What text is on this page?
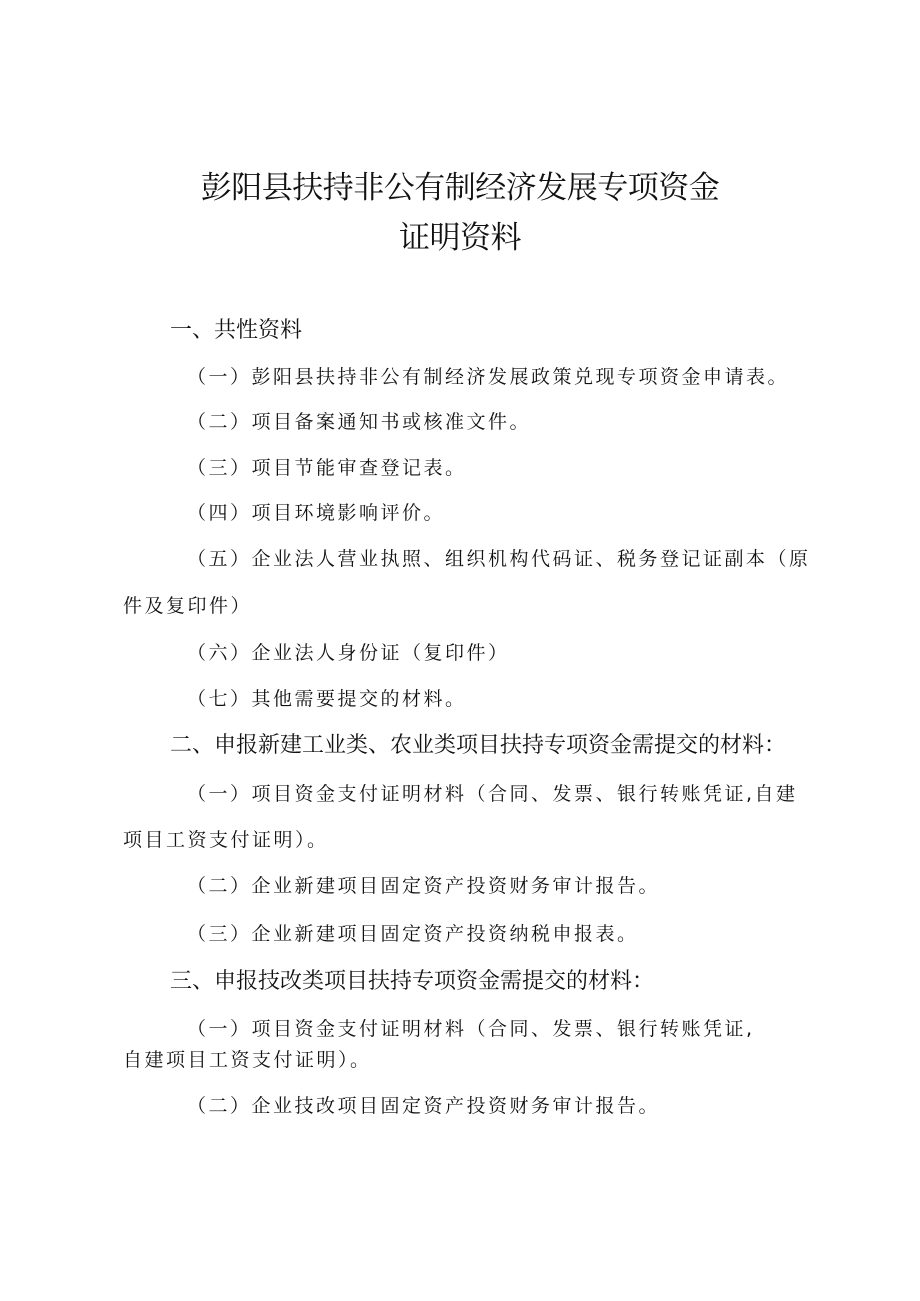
彭阳县扶持非公有制经济发展专项资金
证明资料
一、共性资料

（一）彭阳县扶持非公有制经济发展政策兑现专项资金申请表。

（二）项目备案通知书或核准文件。

（三）项目节能审查登记表。

（四）项目环境影响评价。

（五）企业法人营业执照、组织机构代码证、税务登记证副本（原

件及复印件）

（六）企业法人身份证（复印件）

（七）其他需要提交的材料。

二、申报新建工业类、农业类项目扶持专项资金需提交的材料：

（一）项目资金支付证明材料（合同、发票、银行转账凭证,自建

项目工资支付证明）。

（二）企业新建项目固定资产投资财务审计报告。

（三）企业新建项目固定资产投资纳税申报表。

三、申报技改类项目扶持专项资金需提交的材料：

（一）项目资金支付证明材料（合同、发票、银行转账凭证,

自建项目工资支付证明）。

（二）企业技改项目固定资产投资财务审计报告。
